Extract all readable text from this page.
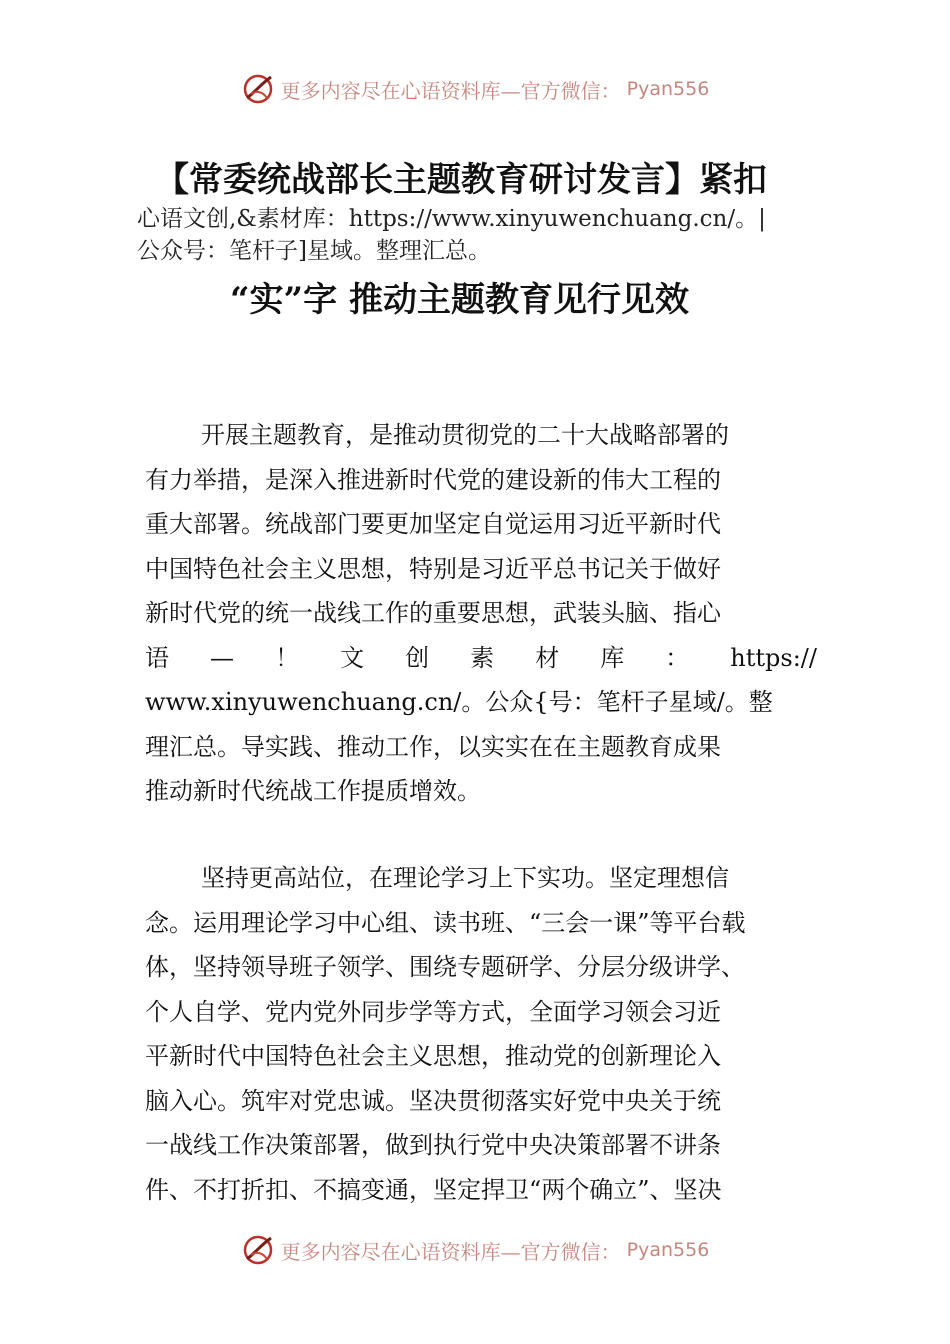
更多内容尽在心语资料库—官方微信： Pyan556
【常委统战部长主题教育研讨发言】紧扣
心语文创,&素材库：https://www.xinyuwenchuang.cn/。|
公众号：笔杆子]星域。整理汇总。
“实”字 推动主题教育见行见效
开展主题教育，是推动贯彻党的二十大战略部署的
有力举措，是深入推进新时代党的建设新的伟大工程的
重大部署。统战部门要更加坚定自觉运用习近平新时代
中国特色社会主义思想，特别是习近平总书记关于做好
新时代党的统一战线工作的重要思想，武装头脑、指心
语 — ！ 文 创 素 材 库 ： https://
www.xinyuwenchuang.cn/。公众{号：笔杆子星域/。整
理汇总。导实践、推动工作，以实实在在主题教育成果
推动新时代统战工作提质增效。
坚持更高站位，在理论学习上下实功。坚定理想信
念。运用理论学习中心组、读书班、“三会一课”等平台载
体，坚持领导班子领学、围绕专题研学、分层分级讲学、
个人自学、党内党外同步学等方式，全面学习领会习近
平新时代中国特色社会主义思想，推动党的创新理论入
脑入心。筑牢对党忠诚。坚决贯彻落实好党中央关于统
一战线工作决策部署，做到执行党中央决策部署不讲条
件、不打折扣、不搞变通，坚定捍卫“两个确立”、坚决
更多内容尽在心语资料库—官方微信： Pyan556
